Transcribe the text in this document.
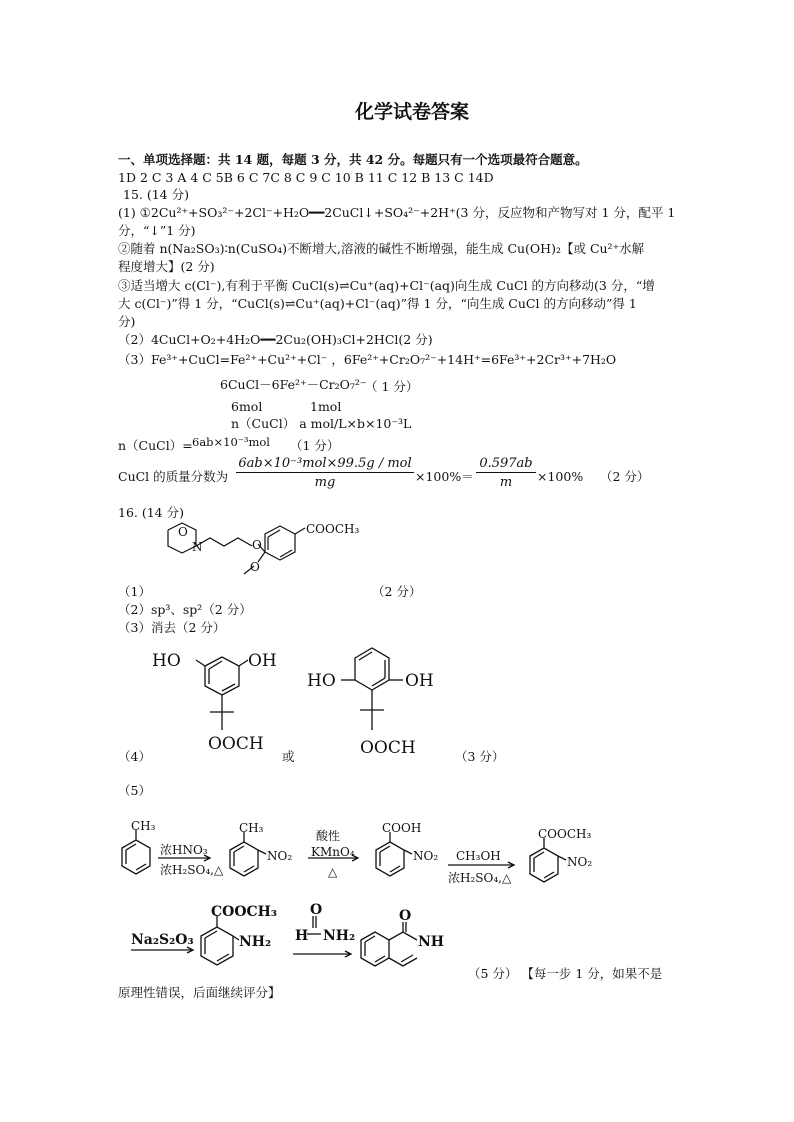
化学试卷答案
一、单项选择题：共 14 题，每题 3 分，共 42 分。每题只有一个选项最符合题意。
1D 2 C 3 A 4 C 5B 6 C 7C 8 C 9 C 10 B 11 C 12 B 13 C 14D
15. (14 分)
(1) ①2Cu²⁺+SO₃²⁻+2Cl⁻+H₂O━━2CuCl↓+SO₄²⁻+2H⁺(3 分，反应物和产物写对 1 分，配平 1
分，“↓”1 分)
②随着 n(Na₂SO₃)∶n(CuSO₄)不断增大,溶液的碱性不断增强，能生成 Cu(OH)₂【或 Cu²⁺水解
程度增大】(2 分)
③适当增大 c(Cl⁻),有利于平衡 CuCl(s)⇌Cu⁺(aq)+Cl⁻(aq)向生成 CuCl 的方向移动(3 分，“增
大 c(Cl⁻)”得 1 分，“CuCl(s)⇌Cu⁺(aq)+Cl⁻(aq)”得 1 分，“向生成 CuCl 的方向移动”得 1
分)
（2）4CuCl+O₂+4H₂O━━2Cu₂(OH)₃Cl+2HCl(2 分)
（3）Fe³⁺+CuCl=Fe²⁺+Cu²⁺+Cl⁻ ，6Fe²⁺+Cr₂O₇²⁻+14H⁺=6Fe³⁺+2Cr³⁺+7H₂O
6CuCl－6Fe²⁺－Cr₂O₇²⁻
（ 1 分）
6mol	1mol
n（CuCl） a mol/L×b×10⁻³L
n（CuCl）= 6ab×10⁻³mol （1 分）
CuCl 的质量分数为
6ab×10⁻³mol×99.5g / mol
mg	$\times 100\%= \frac{0.597ab}{m} \times 100\%$ （2 分）
16. (14 分)
O
N	O
O
COOCH₃
（1）	（2 分）
（2）sp³、sp²（2 分）
（3）消去（2 分）
HO	OH
OOCH
HO	OH
OOCH
（4）	或	（3 分）
（5）
CH₃
浓HNO₃
浓H₂SO₄,△
CH₃
NO₂
酸性
KMnO₄
△
COOH
NO₂ CH₃OH
浓H₂SO₄,△
COOCH₃
NO₂
Na₂S₂O₃
COOCH₃
NH₂
O
H NH₂
O
NH
（5 分） 【每一步 1 分，如果不是
原理性错误，后面继续评分】
